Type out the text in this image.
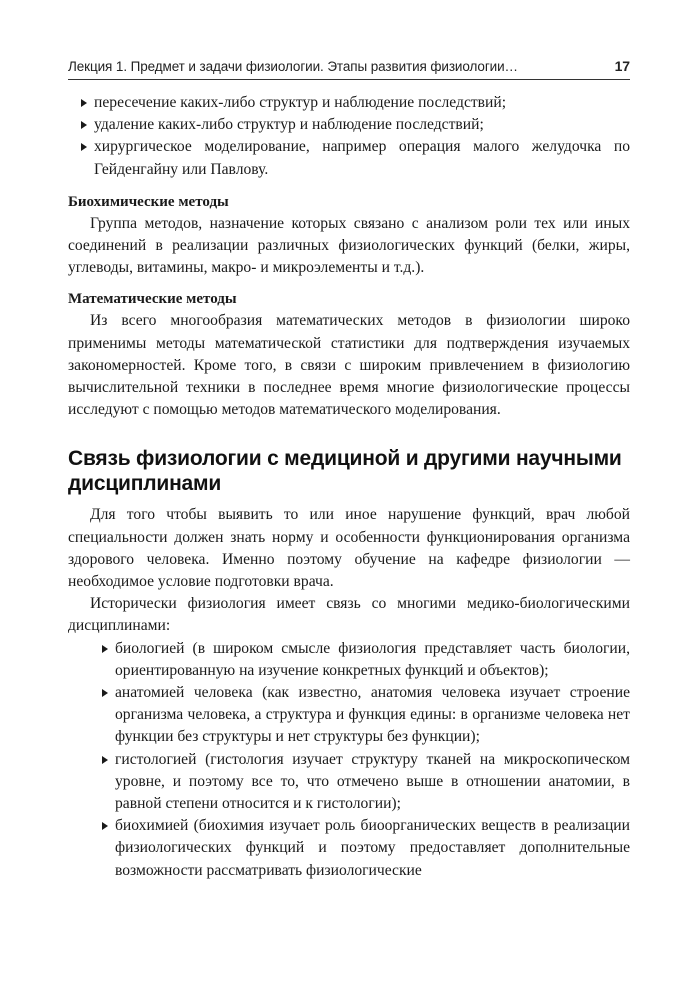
Лекция 1. Предмет и задачи физиологии. Этапы развития физиологии…	17
пересечение каких-либо структур и наблюдение последствий;
удаление каких-либо структур и наблюдение последствий;
хирургическое моделирование, например операция малого желудочка по Гейденгайну или Павлову.
Биохимические методы

Группа методов, назначение которых связано с анализом роли тех или иных соединений в реализации различных физиологических функций (белки, жиры, углеводы, витамины, макро- и микроэлементы и т.д.).

Математические методы

Из всего многообразия математических методов в физиологии широко применимы методы математической статистики для подтверждения изучаемых закономерностей. Кроме того, в связи с широким привлечением в физиологию вычислительной техники в последнее время многие физиологические процессы исследуют с помощью методов математического моделирования.

Связь физиологии с медициной и другими научными дисциплинами

Для того чтобы выявить то или иное нарушение функций, врач любой специальности должен знать норму и особенности функционирования организма здорового человека. Именно поэтому обучение на кафедре физиологии — необходимое условие подготовки врача.

Исторически физиология имеет связь со многими медико-биологическими дисциплинами:

биологией (в широком смысле физиология представляет часть биологии, ориентированную на изучение конкретных функций и объектов);
анатомией человека (как известно, анатомия человека изучает строение организма человека, а структура и функция едины: в организме человека нет функции без структуры и нет структуры без функции);
гистологией (гистология изучает структуру тканей на микроскопическом уровне, и поэтому все то, что отмечено выше в отношении анатомии, в равной степени относится и к гистологии);
биохимией (биохимия изучает роль биоорганических веществ в реализации физиологических функций и поэтому предоставляет дополнительные возможности рассматривать физиологические
